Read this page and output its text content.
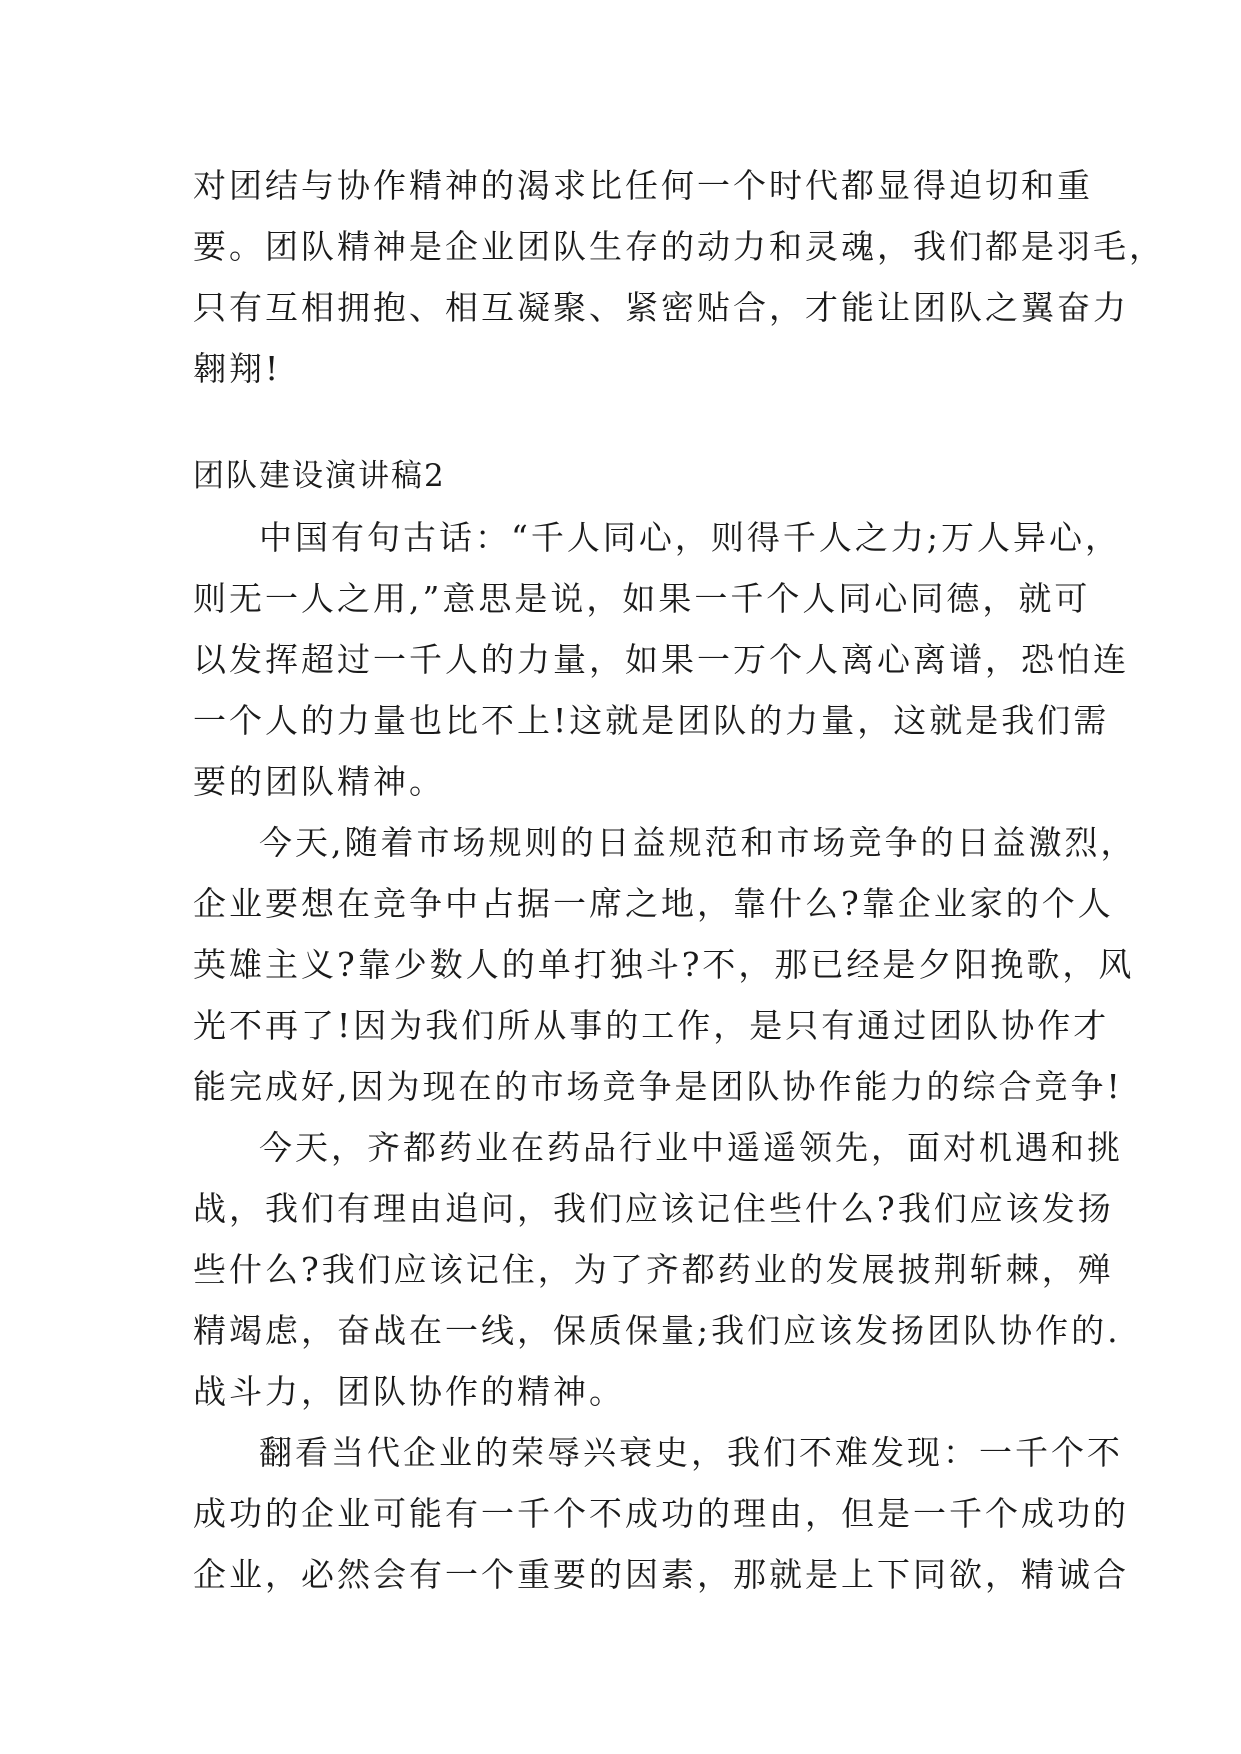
对团结与协作精神的渴求比任何一个时代都显得迫切和重
要。团队精神是企业团队生存的动力和灵魂，我们都是羽毛，
只有互相拥抱、相互凝聚、紧密贴合，才能让团队之翼奋力
翱翔!
团队建设演讲稿2
中国有句古话：“千人同心，则得千人之力;万人异心，
则无一人之用,”意思是说，如果一千个人同心同德，就可
以发挥超过一千人的力量，如果一万个人离心离谱，恐怕连
一个人的力量也比不上!这就是团队的力量，这就是我们需
要的团队精神。
今天,随着市场规则的日益规范和市场竞争的日益激烈，
企业要想在竞争中占据一席之地，靠什么?靠企业家的个人
英雄主义?靠少数人的单打独斗?不，那已经是夕阳挽歌，风
光不再了!因为我们所从事的工作，是只有通过团队协作才
能完成好,因为现在的市场竞争是团队协作能力的综合竞争!
今天，齐都药业在药品行业中遥遥领先，面对机遇和挑
战，我们有理由追问，我们应该记住些什么?我们应该发扬
些什么?我们应该记住，为了齐都药业的发展披荆斩棘，殚
精竭虑，奋战在一线，保质保量;我们应该发扬团队协作的.
战斗力，团队协作的精神。
翻看当代企业的荣辱兴衰史，我们不难发现：一千个不
成功的企业可能有一千个不成功的理由，但是一千个成功的
企业，必然会有一个重要的因素，那就是上下同欲，精诚合
